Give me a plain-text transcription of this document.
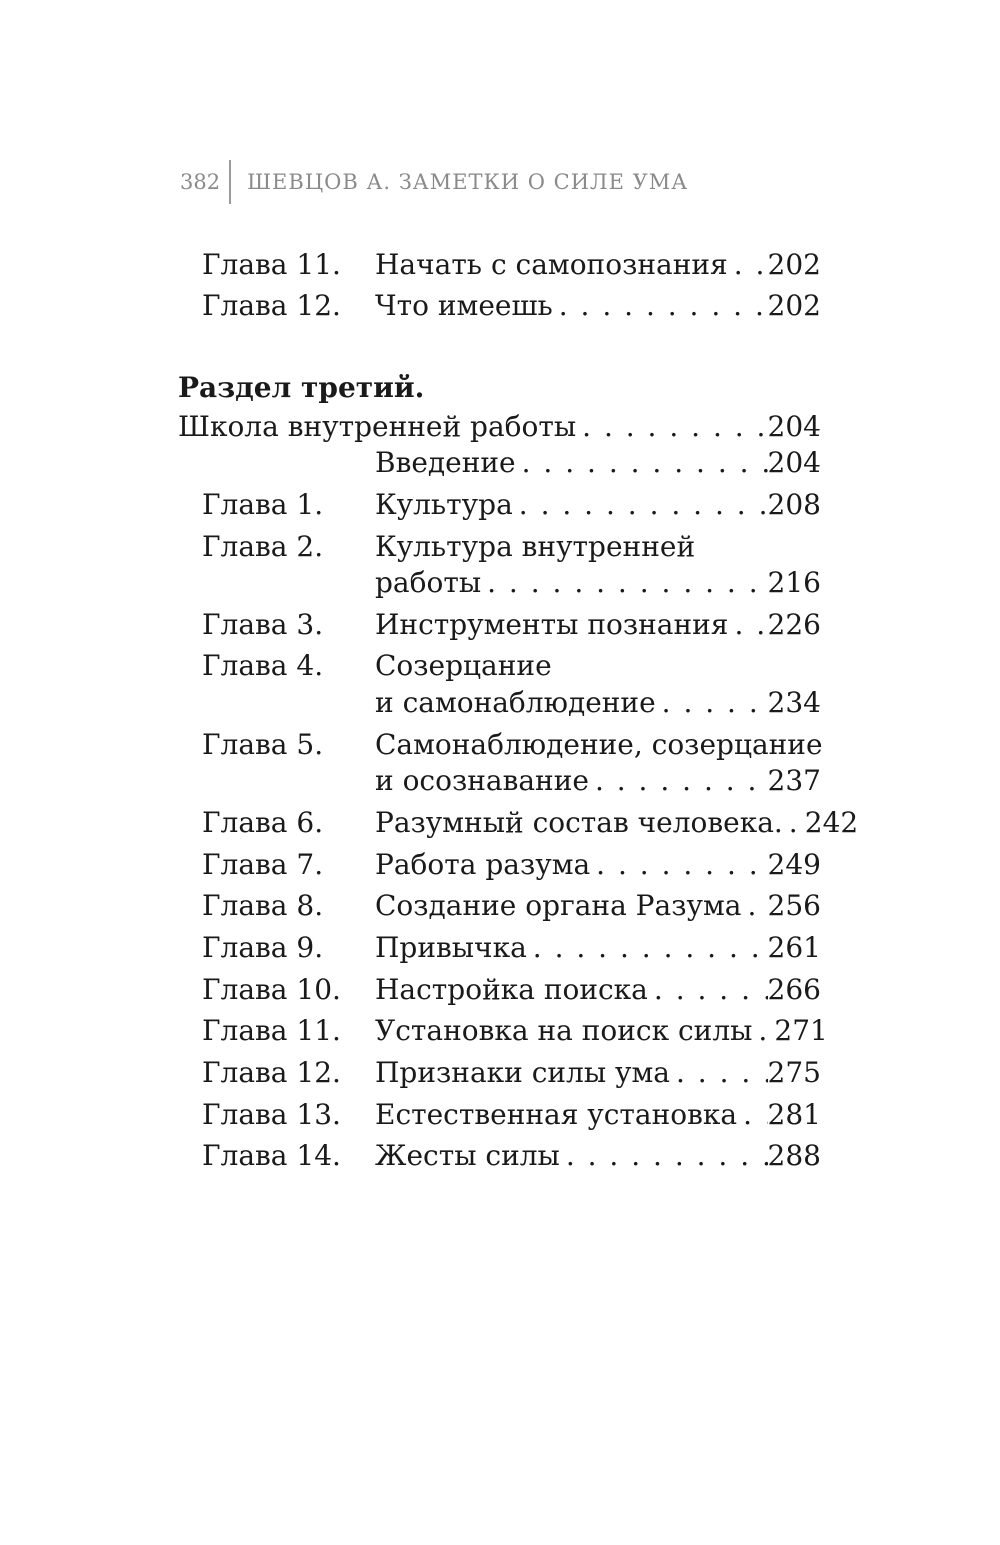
382	ШЕВЦОВ А. ЗАМЕТКИ О СИЛЕ УМА
Глава 11. Начать с самопознания . . . 202
Глава 12. Что имеешь . . .	202
Раздел третий.
Школа внутренней работы . . .	204
Введение . . .	204
Глава 1. Культура . . .	208
Глава 2. Культура внутренней
работы . . .	216
Глава 3. Инструменты познания . . . 226
Глава 4. Созерцание
и самонаблюдение . . .	234
Глава 5. Самонаблюдение, созерцание
и осознавание . . .	237
Глава 6. Разумный состав человека. . . . 242
Глава 7. Работа разума . . .	249
Глава 8. Создание органа Разума . . . 256
Глава 9. Привычка . . .	261
Глава 10. Настройка поиска . . .	266
Глава 11. Установка на поиск силы . . . 271
Глава 12. Признаки силы ума . . .	275
Глава 13. Естественная установка . . . 281
Глава 14. Жесты силы . . .	288
